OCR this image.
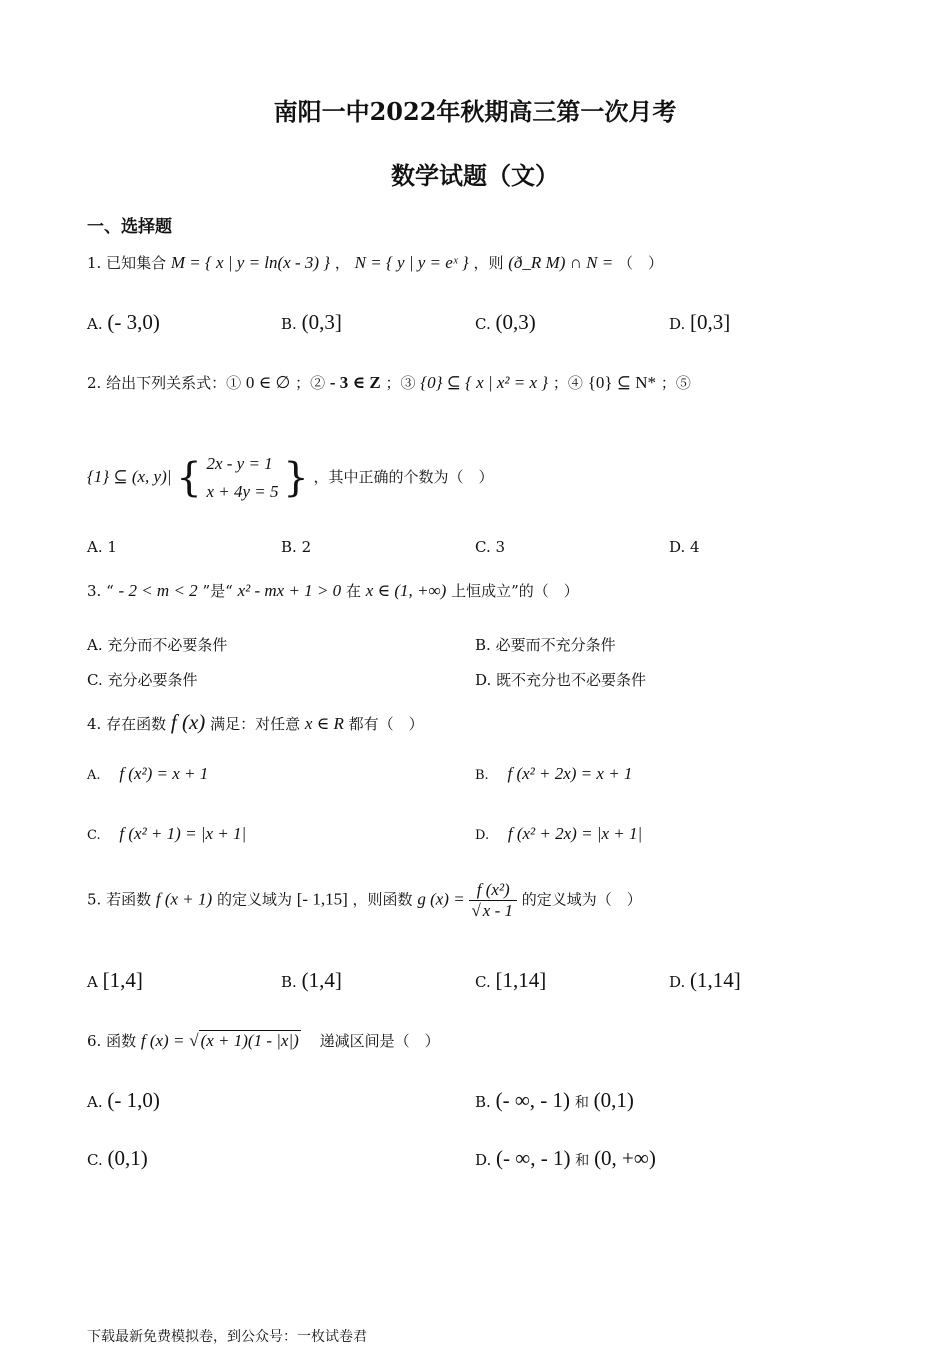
南阳一中2022年秋期高三第一次月考
数学试题（文）
一、选择题
1. 已知集合 M = { x | y = ln(x - 3) } ， N = { y | y = eˣ } ，则 (ð_R M) ∩ N = （　）
A. (- 3,0)	B. (0,3]	C. (0,3)	D. [0,3]
2. 给出下列关系式：① 0 ∈ ∅ ；② - 3 ∈ Z ；③ {0} ⊆ { x | x² = x } ；④ {0} ⊆ N* ；⑤
{1} ⊆ (x, y)| { 2x - y = 1
x + 4y = 5 } ，其中正确的个数为（　）
A. 1	B. 2	C. 3	D. 4
3. “ - 2 < m < 2 ”是“ x² - mx + 1 > 0 在 x ∈ (1, +∞) 上恒成立”的（　）
A. 充分而不必要条件	B. 必要而不充分条件
C. 充分必要条件	D. 既不充分也不必要条件
4. 存在函数 f (x) 满足：对任意 x ∈ R 都有（　）
A. f (x²) = x + 1	B. f (x² + 2x) = x + 1
C. f (x² + 1) = |x + 1|	D. f (x² + 2x) = |x + 1|
5. 若函数 f (x + 1) 的定义域为 [- 1,15] ，则函数 g $(x) = \frac{\text{f (x²)}}{√ x - 1}$ 的定义域为（　）
A [1,4]	B. (1,4]	C. [1,14]	D. (1,14]
6. 函数 f (x) = √ (x + 1)(1 - |x|) 递减区间是（　）
A. (- 1,0)	B. (- ∞, - 1) 和 (0,1)
C. (0,1)	D. (- ∞, - 1) 和 (0, +∞)
下载最新免费模拟卷，到公众号：一枚试卷君
